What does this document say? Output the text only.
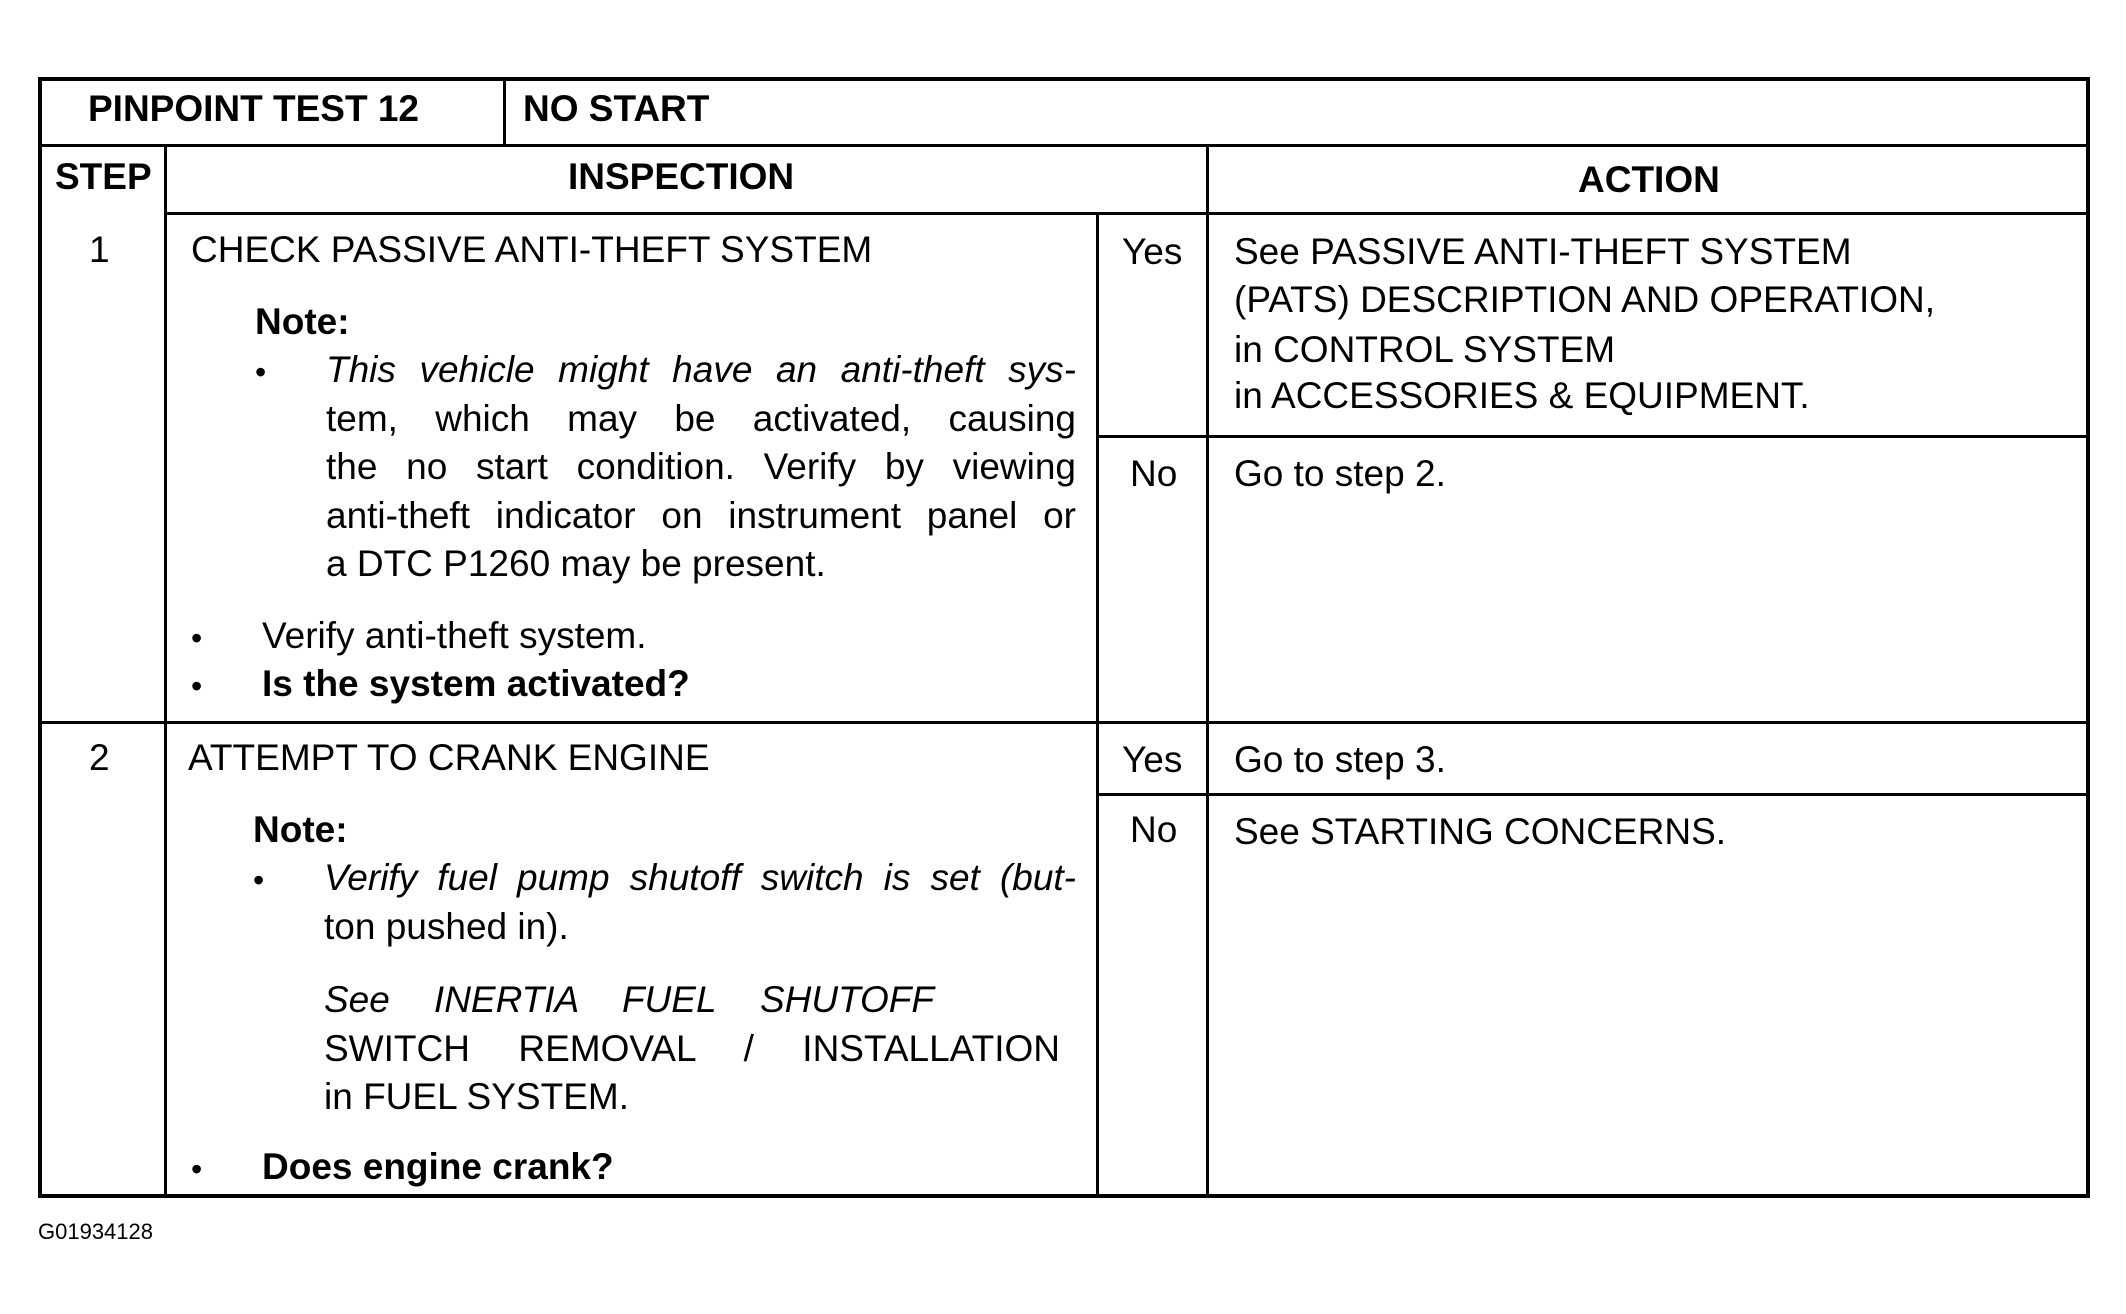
PINPOINT TEST 12	NO START
STEP	INSPECTION	ACTION
1 CHECK PASSIVE ANTI-THEFT SYSTEM
Note:
• This vehicle might have an anti-theft sys-
tem, which may be activated, causing
the no start condition. Verify by viewing
anti-theft indicator on instrument panel or
a DTC P1260 may be present.
• Verify anti-theft system.
• Is the system activated?
Yes See PASSIVE ANTI-THEFT SYSTEM
(PATS) DESCRIPTION AND OPERATION,
in CONTROL SYSTEM
in ACCESSORIES & EQUIPMENT.
No Go to step 2.
2 ATTEMPT TO CRANK ENGINE
Note:
• Verify fuel pump shutoff switch is set (but-
ton pushed in).
See INERTIA FUEL SHUTOFF
SWITCH REMOVAL / INSTALLATION
in FUEL SYSTEM.
• Does engine crank?
Yes Go to step 3.
No See STARTING CONCERNS.
G01934128
